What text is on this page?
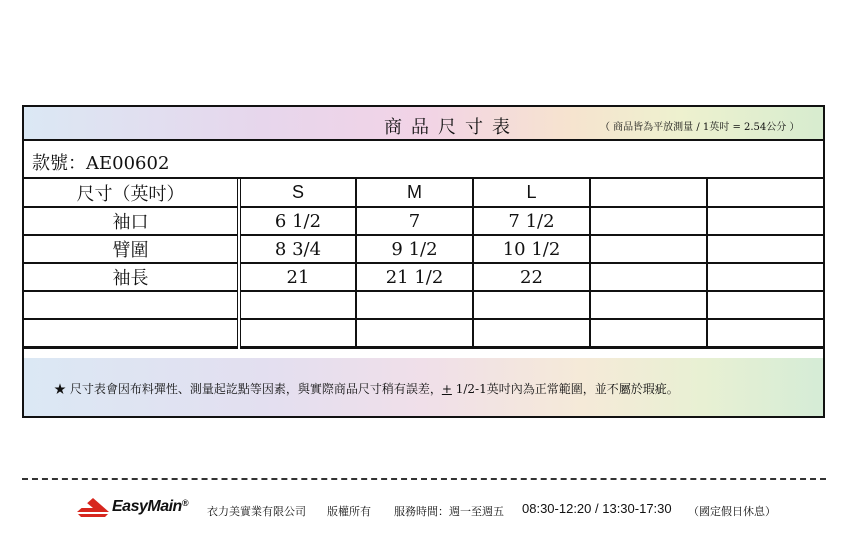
商品尺寸表	（ 商品皆為平放測量 / 1英吋 = 2.54公分 ）
款號：AE00602
尺寸（英吋）	S	M	L		
袖口	6 1/2	7	7 1/2		
臂圍	8 3/4	9 1/2	10 1/2		
袖長	21	21 1/2	22		

★ 尺寸表會因布料彈性、測量起訖點等因素，與實際商品尺寸稍有誤差，+ 1/2-1英吋內為正常範圍，並不屬於瑕疵。
EasyMain®
衣力美實業有限公司 版權所有 服務時間：週一至週五 08:30-12:20 / 13:30-17:30 （國定假日休息）
